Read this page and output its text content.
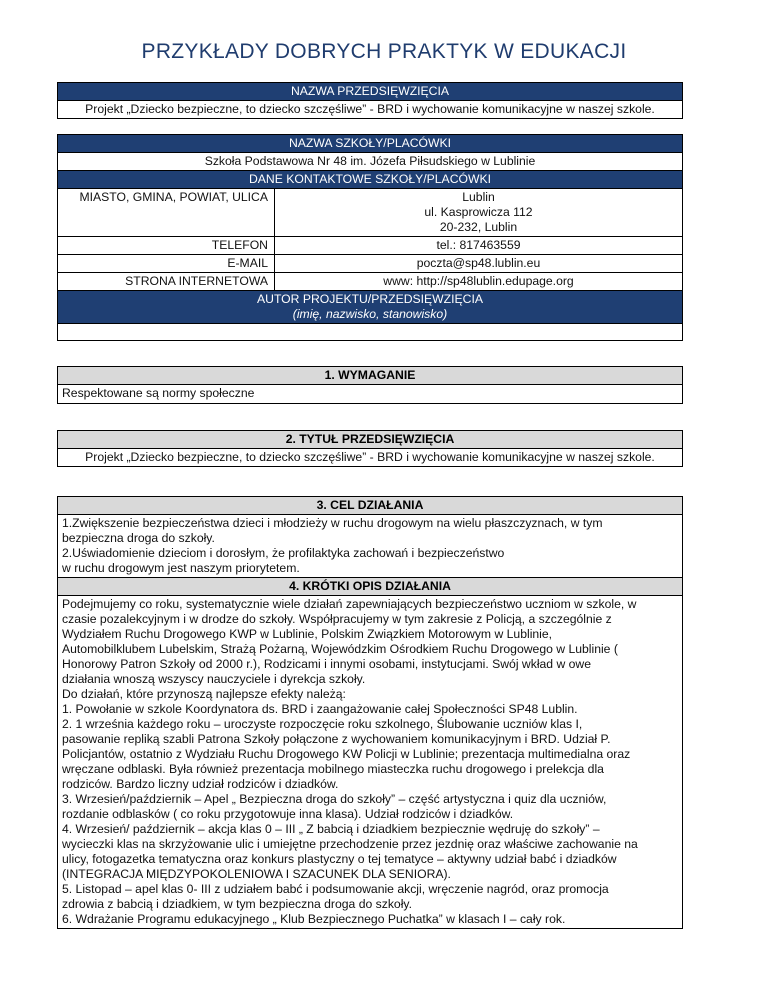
PRZYKŁADY DOBRYCH PRAKTYK W EDUKACJI
NAZWA PRZEDSIĘWZIĘCIA
Projekt „Dziecko bezpieczne, to dziecko szczęśliwe” - BRD i wychowanie komunikacyjne w naszej szkole.
NAZWA SZKOŁY/PLACÓWKI	
Szkoła Podstawowa Nr 48 im. Józefa Piłsudskiego w Lublinie	
DANE KONTAKTOWE SZKOŁY/PLACÓWKI	
MIASTO, GMINA, POWIAT, ULICA	Lublin
ul. Kasprowicza 112
20-232, Lublin

TELEFON	tel.: 817463559
E-MAIL	poczta@sp48.lublin.eu
STRONA INTERNETOWA	www: http://sp48lublin.edupage.org

AUTOR PROJEKTU/PRZEDSIĘWZIĘCIA
(imię, nazwisko, stanowisko)	

1. WYMAGANIE
Respektowane są normy społeczne
2. TYTUŁ PRZEDSIĘWZIĘCIA
Projekt „Dziecko bezpieczne, to dziecko szczęśliwe” - BRD i wychowanie komunikacyjne w naszej szkole.
3. CEL DZIAŁANIA

1.Zwiększenie bezpieczeństwa dzieci i młodzieży w ruchu drogowym na wielu płaszczyznach, w tym
bezpieczna droga do szkoły.
2.Uświadomienie dzieciom i dorosłym, że profilaktyka zachowań i bezpieczeństwo
w ruchu drogowym jest naszym priorytetem.

4. KRÓTKI OPIS DZIAŁANIA

Podejmujemy co roku, systematycznie wiele działań zapewniających bezpieczeństwo uczniom w szkole, w
czasie pozalekcyjnym i w drodze do szkoły. Współpracujemy w tym zakresie z Policją, a szczególnie z
Wydziałem Ruchu Drogowego KWP w Lublinie, Polskim Związkiem Motorowym w Lublinie,
Automobilklubem Lubelskim, Strażą Pożarną, Wojewódzkim Ośrodkiem Ruchu Drogowego w Lublinie (
Honorowy Patron Szkoły od 2000 r.), Rodzicami i innymi osobami, instytucjami. Swój wkład w owe
działania wnoszą wszyscy nauczyciele i dyrekcja szkoły.
Do działań, które przynoszą najlepsze efekty należą:
1. Powołanie w szkole Koordynatora ds. BRD i zaangażowanie całej Społeczności SP48 Lublin.
2. 1 września każdego roku – uroczyste rozpoczęcie roku szkolnego, Ślubowanie uczniów klas I,
pasowanie repliką szabli Patrona Szkoły połączone z wychowaniem komunikacyjnym i BRD. Udział P.
Policjantów, ostatnio z Wydziału Ruchu Drogowego KW Policji w Lublinie; prezentacja multimedialna oraz
wręczane odblaski. Była również prezentacja mobilnego miasteczka ruchu drogowego i prelekcja dla
rodziców. Bardzo liczny udział rodziców i dziadków.
3. Wrzesień/październik – Apel „ Bezpieczna droga do szkoły” – część artystyczna i quiz dla uczniów,
rozdanie odblasków ( co roku przygotowuje inna klasa). Udział rodziców i dziadków.
4. Wrzesień/ październik – akcja klas 0 – III „ Z babcią i dziadkiem bezpiecznie wędruję do szkoły” –
wycieczki klas na skrzyżowanie ulic i umiejętne przechodzenie przez jezdnię oraz właściwe zachowanie na
ulicy, fotogazetka tematyczna oraz konkurs plastyczny o tej tematyce – aktywny udział babć i dziadków
(INTEGRACJA MIĘDZYPOKOLENIOWA I SZACUNEK DLA SENIORA).
5. Listopad – apel klas 0- III z udziałem babć i podsumowanie akcji, wręczenie nagród, oraz promocja
zdrowia z babcią i dziadkiem, w tym bezpieczna droga do szkoły.
6. Wdrażanie Programu edukacyjnego „ Klub Bezpiecznego Puchatka” w klasach I – cały rok.
